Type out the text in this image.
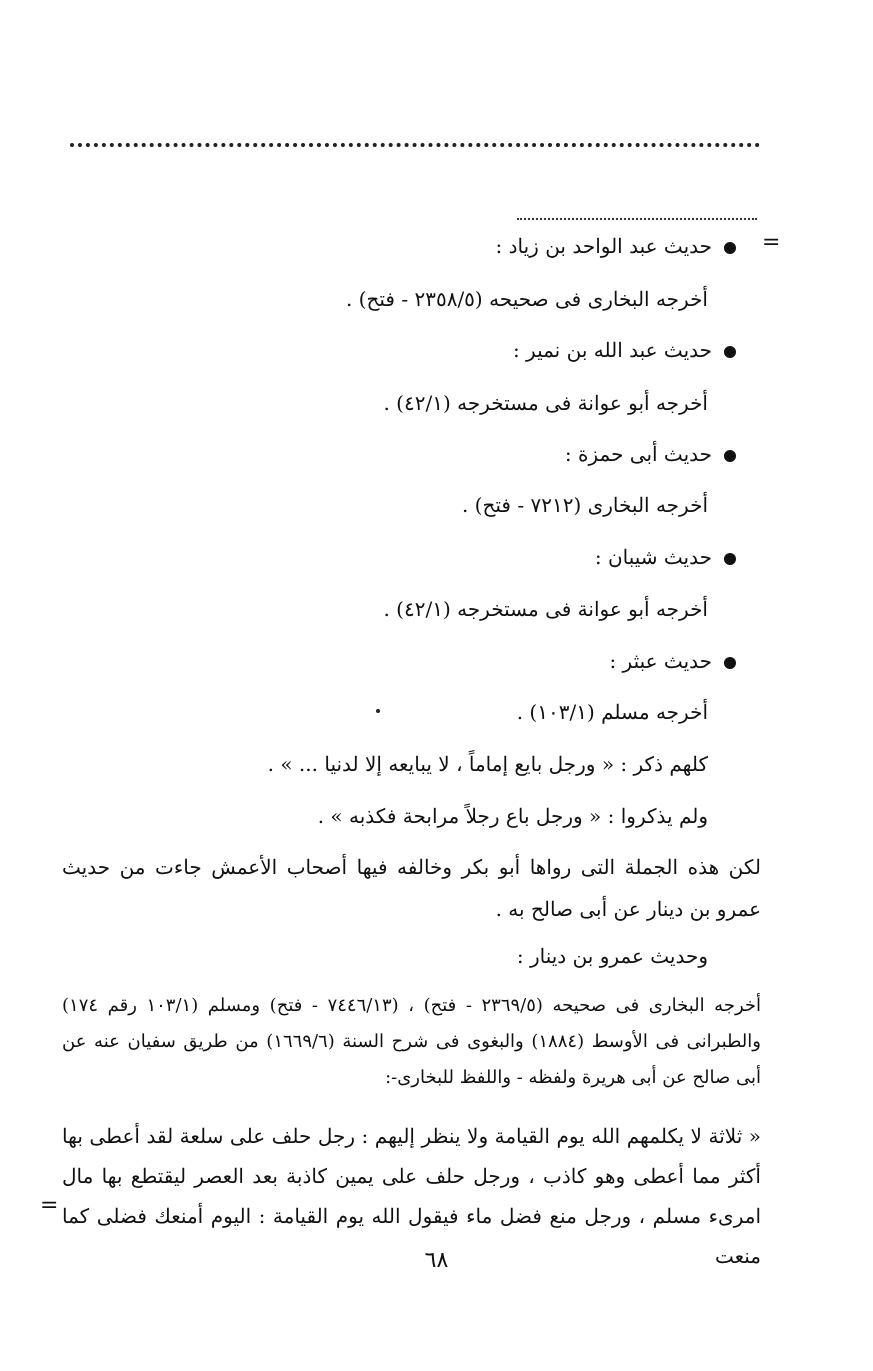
=
حديث عبد الواحد بن زياد :
أخرجه البخارى فى صحيحه (٢٣٥٨/٥ - فتح) .
حديث عبد الله بن نمير :
أخرجه أبو عوانة فى مستخرجه (٤٢/١) .
حديث أبى حمزة :
أخرجه البخارى (٧٢١٢ - فتح) .
حديث شيبان :
أخرجه أبو عوانة فى مستخرجه (٤٢/١) .
حديث عبثر :
أخرجه مسلم (١٠٣/١) .
كلهم ذكر : « ورجل بايع إماماً ، لا يبايعه إلا لدنيا ... » .
ولم يذكروا : « ورجل باع رجلاً مرابحة فكذبه » .
لكن هذه الجملة التى رواها أبو بكر وخالفه فيها أصحاب الأعمش جاءت من حديث عمرو بن دينار عن أبى صالح به .
وحديث عمرو بن دينار :
أخرجه البخارى فى صحيحه (٢٣٦٩/٥ - فتح) ، (٧٤٤٦/١٣ - فتح) ومسلم (١٠٣/١ رقم ١٧٤) والطبرانى فى الأوسط (١٨٨٤) والبغوى فى شرح السنة (١٦٦٩/٦) من طريق سفيان عنه عن أبى صالح عن أبى هريرة ولفظه - واللفظ للبخارى-:
« ثلاثة لا يكلمهم الله يوم القيامة ولا ينظر إليهم : رجل حلف على سلعة لقد أعطى بها أكثر مما أعطى وهو كاذب ، ورجل حلف على يمين كاذبة بعد العصر ليقتطع بها مال امرىء مسلم ، ورجل منع فضل ماء فيقول الله يوم القيامة : اليوم أمنعك فضلى كما منعت
=
٦٨
